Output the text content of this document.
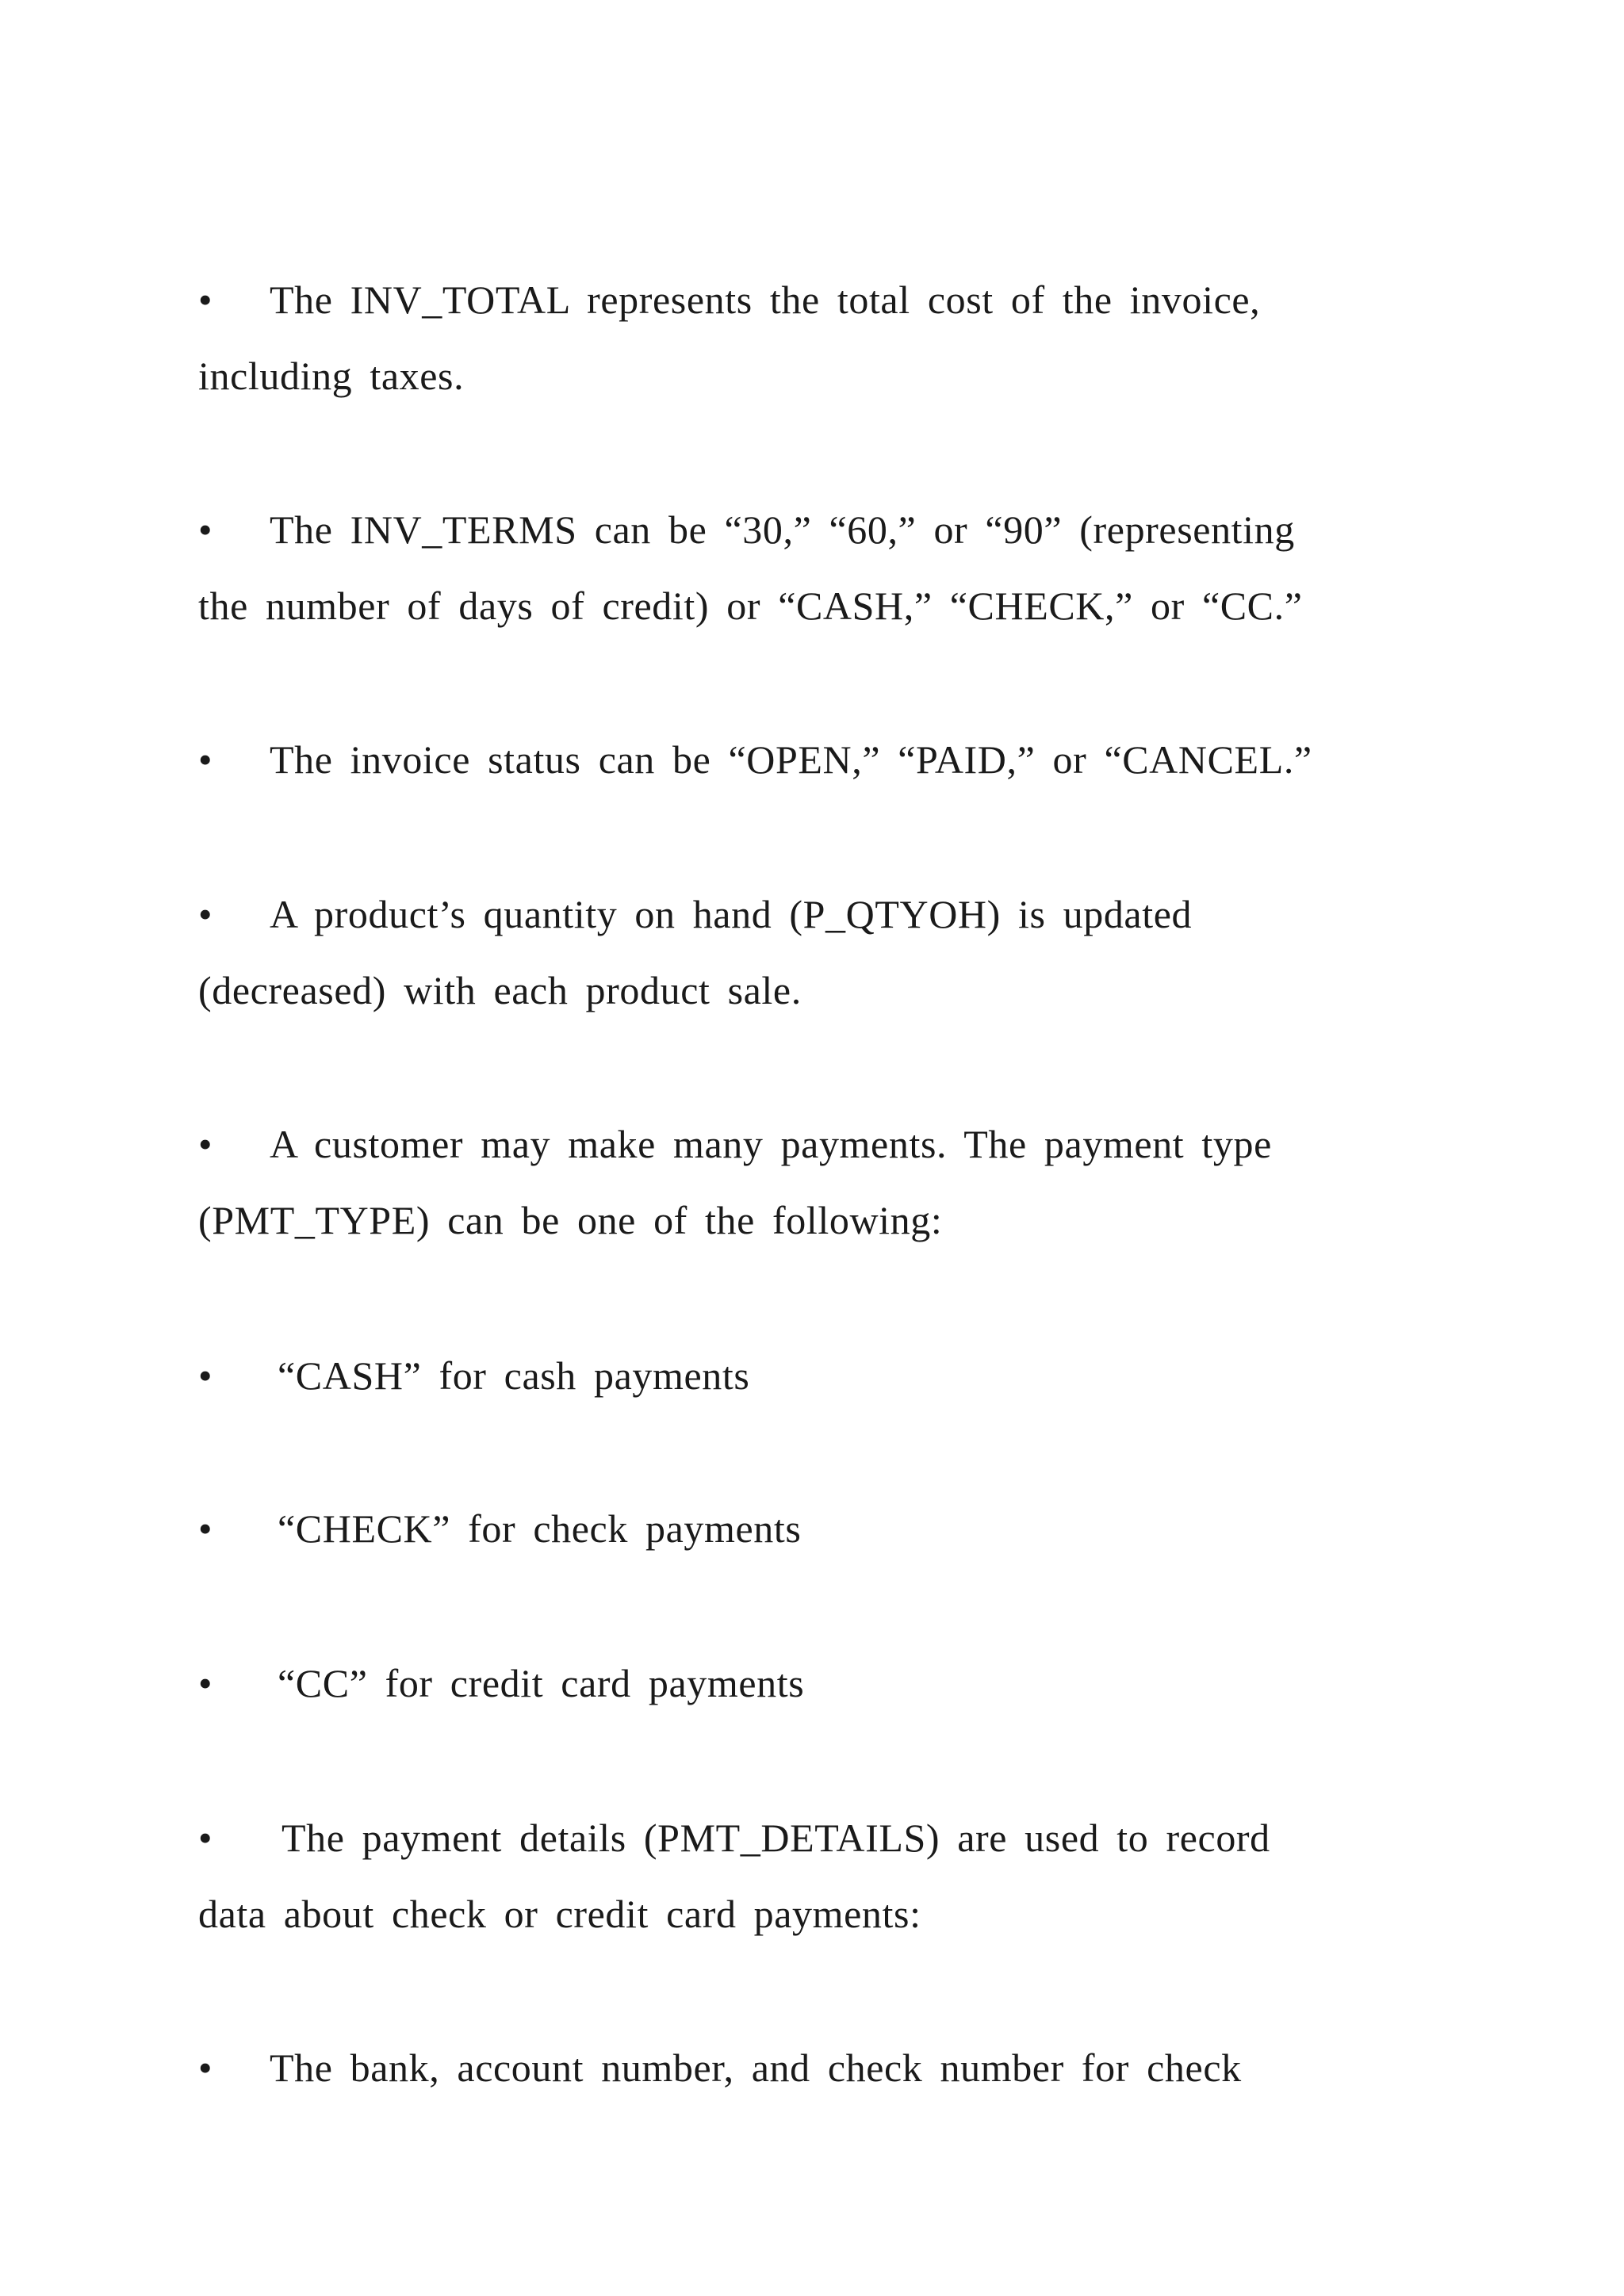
• The INV_TOTAL represents the total cost of the invoice,
including taxes.
• The INV_TERMS can be “30,” “60,” or “90” (representing
the number of days of credit) or “CASH,” “CHECK,” or “CC.”
• The invoice status can be “OPEN,” “PAID,” or “CANCEL.”
• A product’s quantity on hand (P_QTYOH) is updated
(decreased) with each product sale.
• A customer may make many payments. The payment type
(PMT_TYPE) can be one of the following:
• “CASH” for cash payments
• “CHECK” for check payments
• “CC” for credit card payments
• The payment details (PMT_DETAILS) are used to record
data about check or credit card payments:
• The bank, account number, and check number for check
